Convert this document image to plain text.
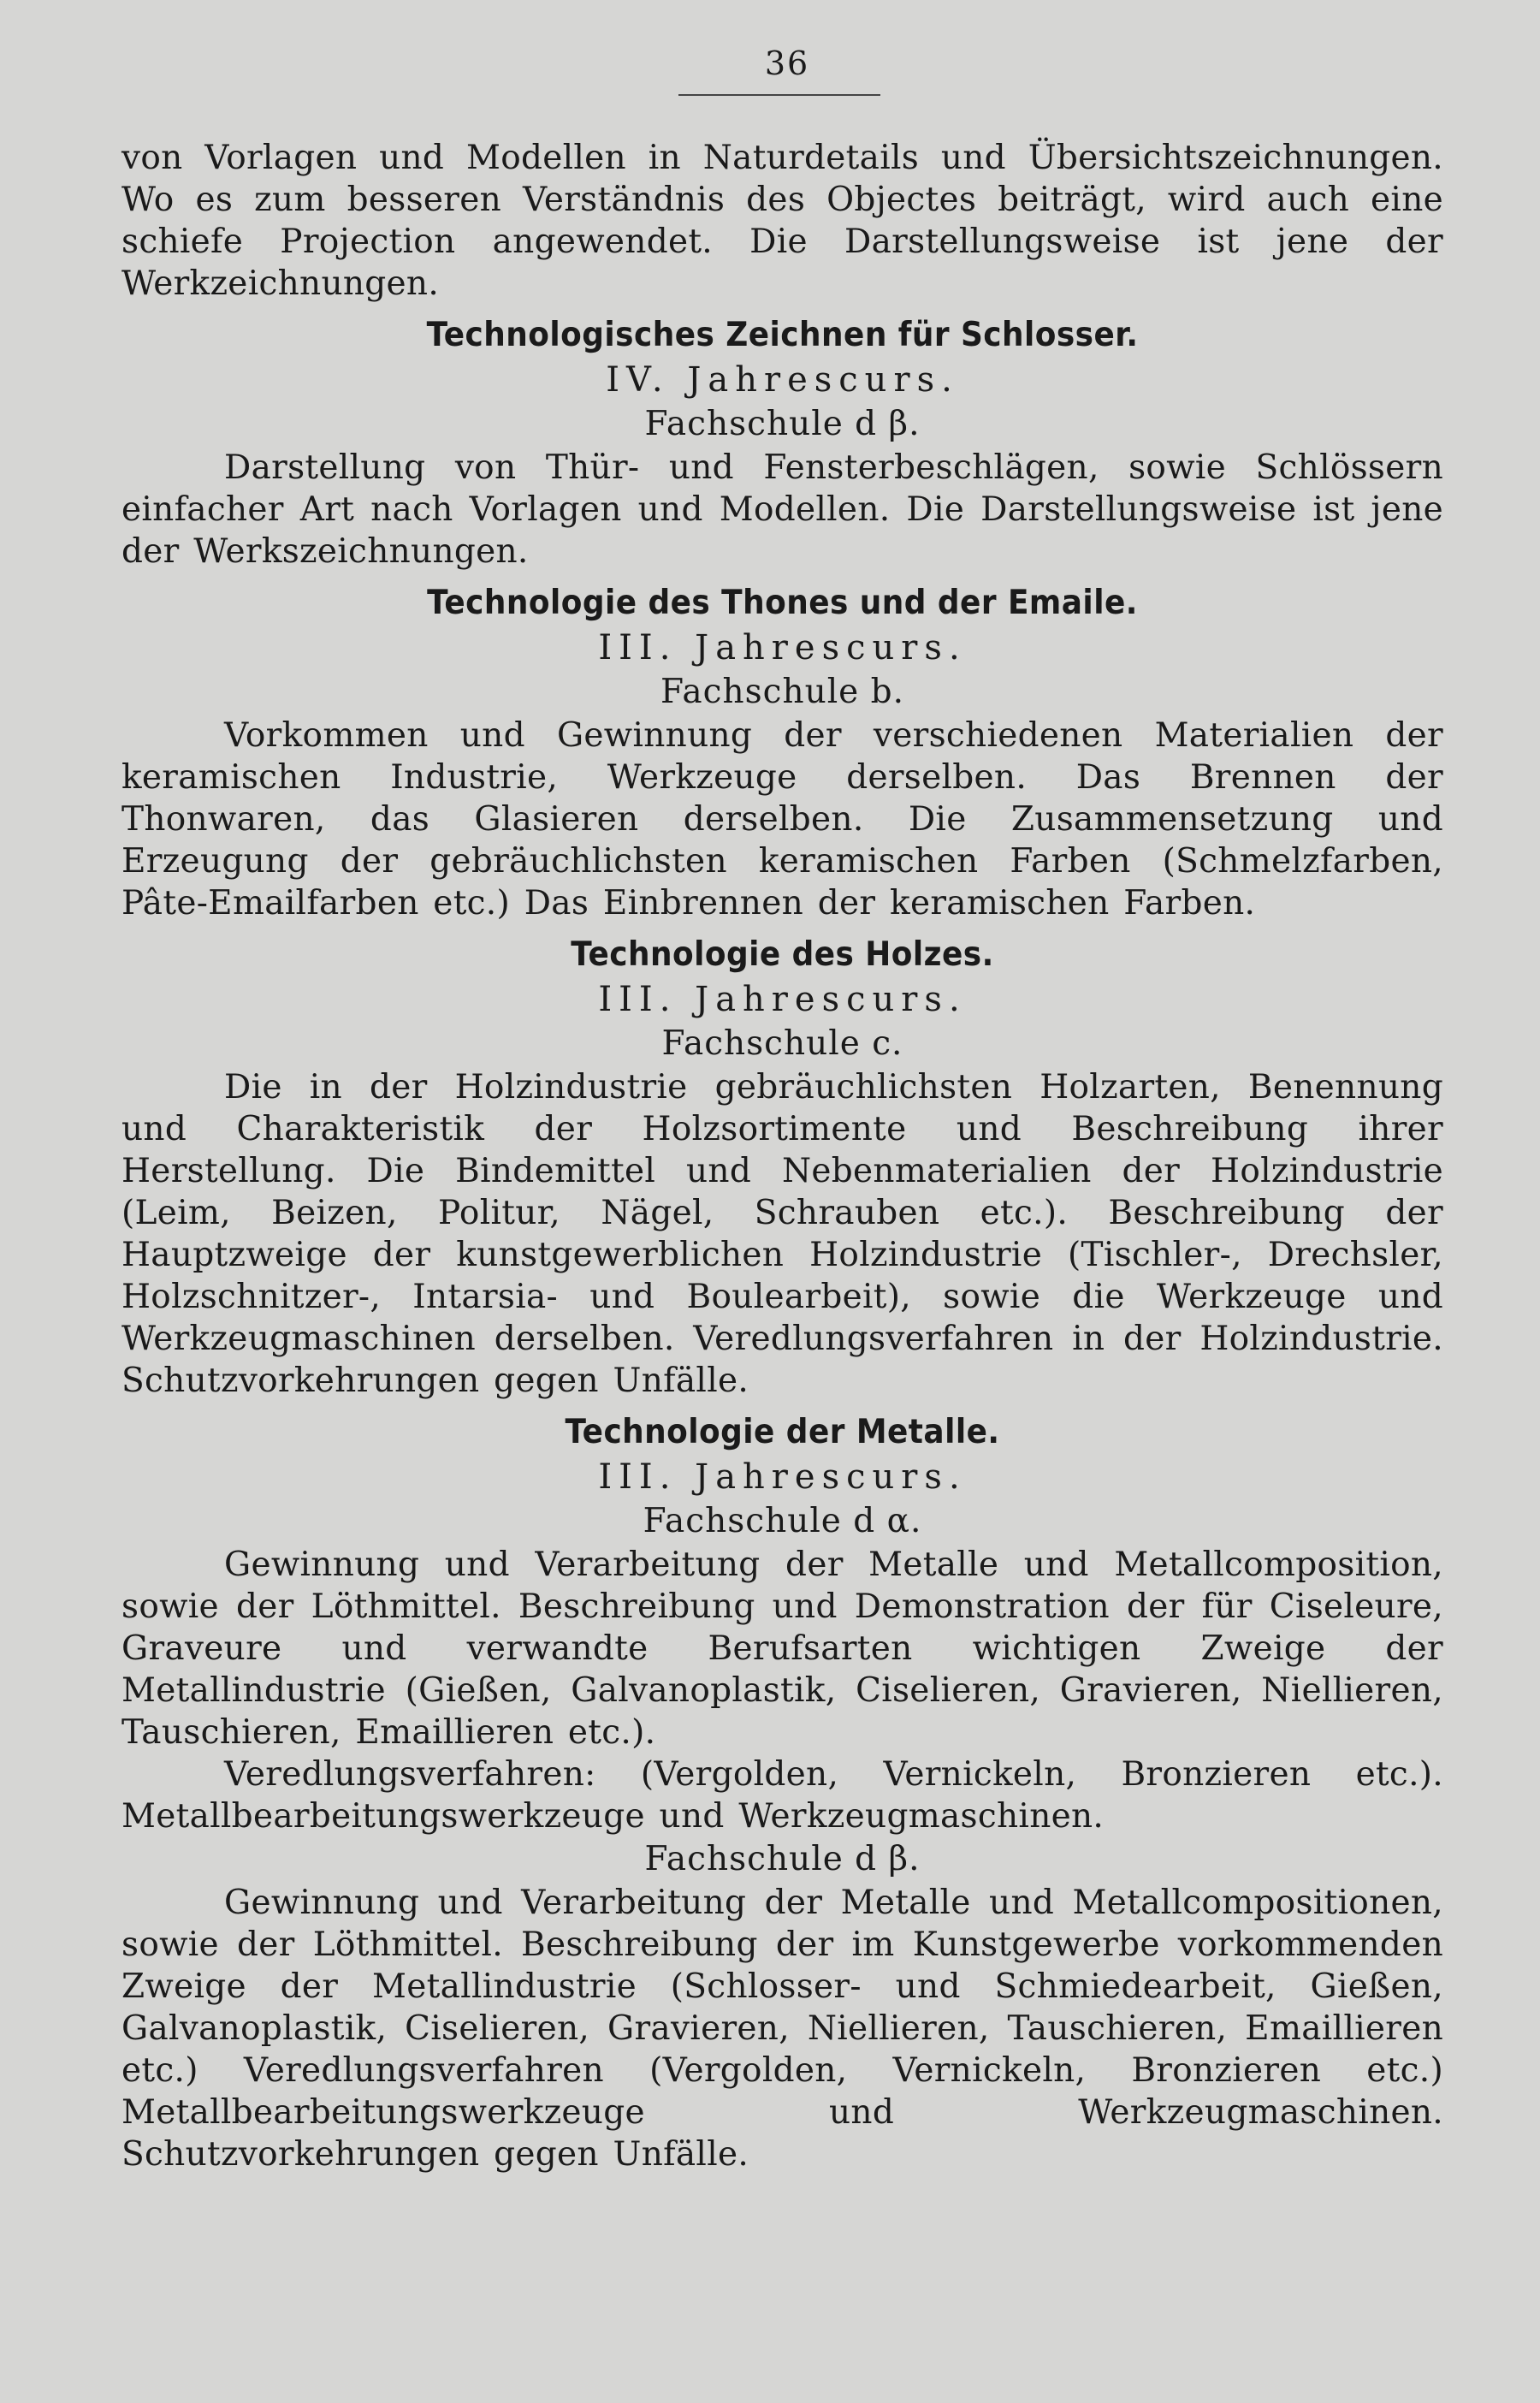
36

von Vorlagen und Modellen in Naturdetails und Übersichtszeichnungen. Wo es zum besseren Verständnis des Objectes beiträgt, wird auch eine schiefe Projection angewendet. Die Darstellungsweise ist jene der Werkzeichnungen.

Technologisches Zeichnen für Schlosser.

IV. Jahrescurs.

Fachschule d β.

Darstellung von Thür- und Fensterbeschlägen, sowie Schlössern einfacher Art nach Vorlagen und Modellen. Die Darstellungsweise ist jene der Werkszeichnungen.

Technologie des Thones und der Emaile.

III. Jahrescurs.

Fachschule b.

Vorkommen und Gewinnung der verschiedenen Materialien der keramischen Industrie, Werkzeuge derselben. Das Brennen der Thonwaren, das Glasieren derselben. Die Zusammensetzung und Erzeugung der gebräuchlichsten keramischen Farben (Schmelzfarben, Pâte-Emailfarben etc.) Das Einbrennen der keramischen Farben.

Technologie des Holzes.

III. Jahrescurs.

Fachschule c.

Die in der Holzindustrie gebräuchlichsten Holzarten, Benennung und Charakteristik der Holzsortimente und Beschreibung ihrer Herstellung. Die Bindemittel und Nebenmaterialien der Holzindustrie (Leim, Beizen, Politur, Nägel, Schrauben etc.). Beschreibung der Hauptzweige der kunstgewerblichen Holzindustrie (Tischler-, Drechsler, Holzschnitzer-, Intarsia- und Boulearbeit), sowie die Werkzeuge und Werkzeugmaschinen derselben. Veredlungsverfahren in der Holzindustrie. Schutzvorkehrungen gegen Unfälle.

Technologie der Metalle.

III. Jahrescurs.

Fachschule d α.

Gewinnung und Verarbeitung der Metalle und Metallcomposition, sowie der Löthmittel. Beschreibung und Demonstration der für Ciseleure, Graveure und verwandte Berufsarten wichtigen Zweige der Metallindustrie (Gießen, Galvanoplastik, Ciselieren, Gravieren, Niellieren, Tauschieren, Emaillieren etc.).

Veredlungsverfahren: (Vergolden, Vernickeln, Bronzieren etc.). Metallbearbeitungswerkzeuge und Werkzeugmaschinen.

Fachschule d β.

Gewinnung und Verarbeitung der Metalle und Metallcompositionen, sowie der Löthmittel. Beschreibung der im Kunstgewerbe vorkommenden Zweige der Metallindustrie (Schlosser- und Schmiedearbeit, Gießen, Galvanoplastik, Ciselieren, Gravieren, Niellieren, Tauschieren, Emaillieren etc.) Veredlungsverfahren (Vergolden, Vernickeln, Bronzieren etc.) Metallbearbeitungswerkzeuge und Werkzeugmaschinen. Schutzvorkehrungen gegen Unfälle.
